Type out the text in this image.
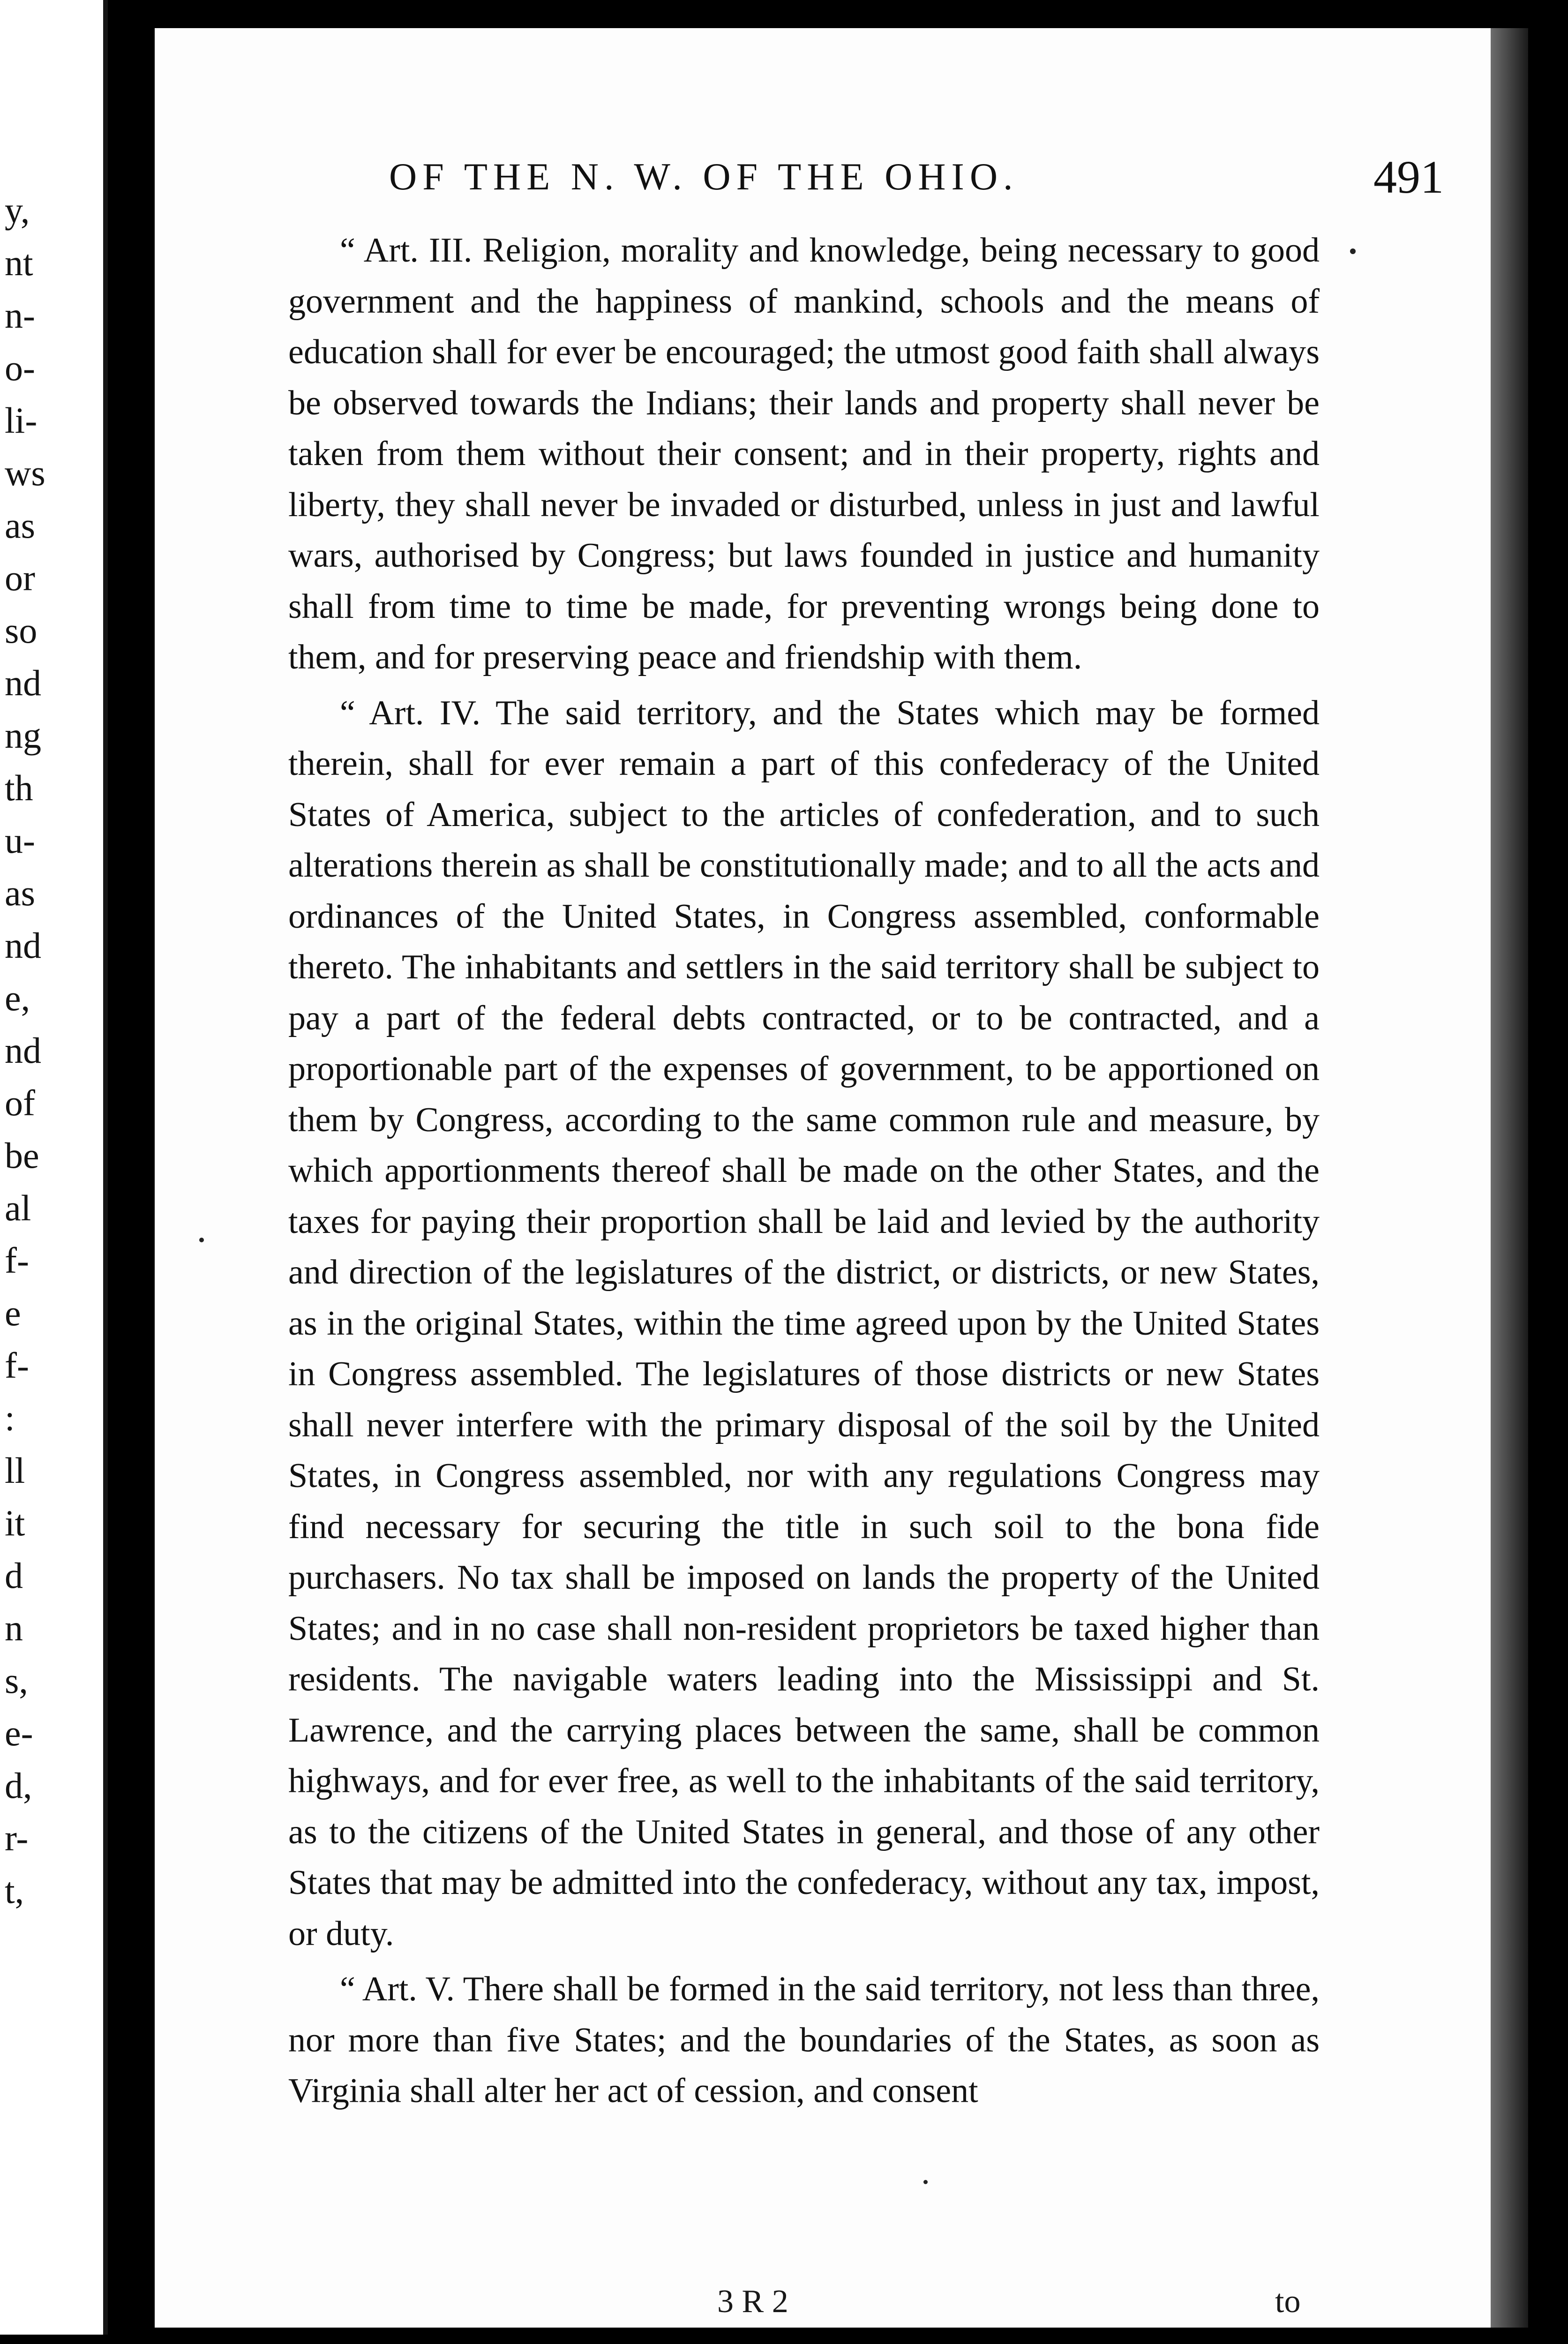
y,
nt
n-
o-
li-
ws
as
or
so
nd
ng
th
u-
as
nd
e,
nd
of
be
al
f-
e
f-
:
ll
it
d
n
s,
e-
d,
r-
t,
OF THE N. W. OF THE OHIO.	491

“ Art. III. Religion, morality and knowledge, being necessary to good government and the happiness of mankind, schools and the means of education shall for ever be encouraged; the utmost good faith shall always be observed towards the Indians; their lands and property shall never be taken from them without their consent; and in their property, rights and liberty, they shall never be invaded or disturbed, unless in just and lawful wars, authorised by Congress; but laws founded in justice and humanity shall from time to time be made, for preventing wrongs being done to them, and for preserving peace and friendship with them.

“ Art. IV. The said territory, and the States which may be formed therein, shall for ever remain a part of this confederacy of the United States of America, subject to the articles of confederation, and to such alterations therein as shall be constitutionally made; and to all the acts and ordinances of the United States, in Congress assembled, conformable thereto. The inhabitants and settlers in the said territory shall be subject to pay a part of the federal debts contracted, or to be contracted, and a proportionable part of the expenses of government, to be apportioned on them by Congress, according to the same common rule and measure, by which apportionments thereof shall be made on the other States, and the taxes for paying their proportion shall be laid and levied by the authority and direction of the legislatures of the district, or districts, or new States, as in the original States, within the time agreed upon by the United States in Congress assembled. The legislatures of those districts or new States shall never interfere with the primary disposal of the soil by the United States, in Congress assembled, nor with any regulations Congress may find necessary for securing the title in such soil to the bona fide purchasers. No tax shall be imposed on lands the property of the United States; and in no case shall non-resident proprietors be taxed higher than residents. The navigable waters leading into the Mississippi and St. Lawrence, and the carrying places between the same, shall be common highways, and for ever free, as well to the inhabitants of the said territory, as to the citizens of the United States in general, and those of any other States that may be admitted into the confederacy, without any tax, impost, or duty.

“ Art. V. There shall be formed in the said territory, not less than three, nor more than five States; and the boundaries of the States, as soon as Virginia shall alter her act of cession, and consent

3 R 2	to
